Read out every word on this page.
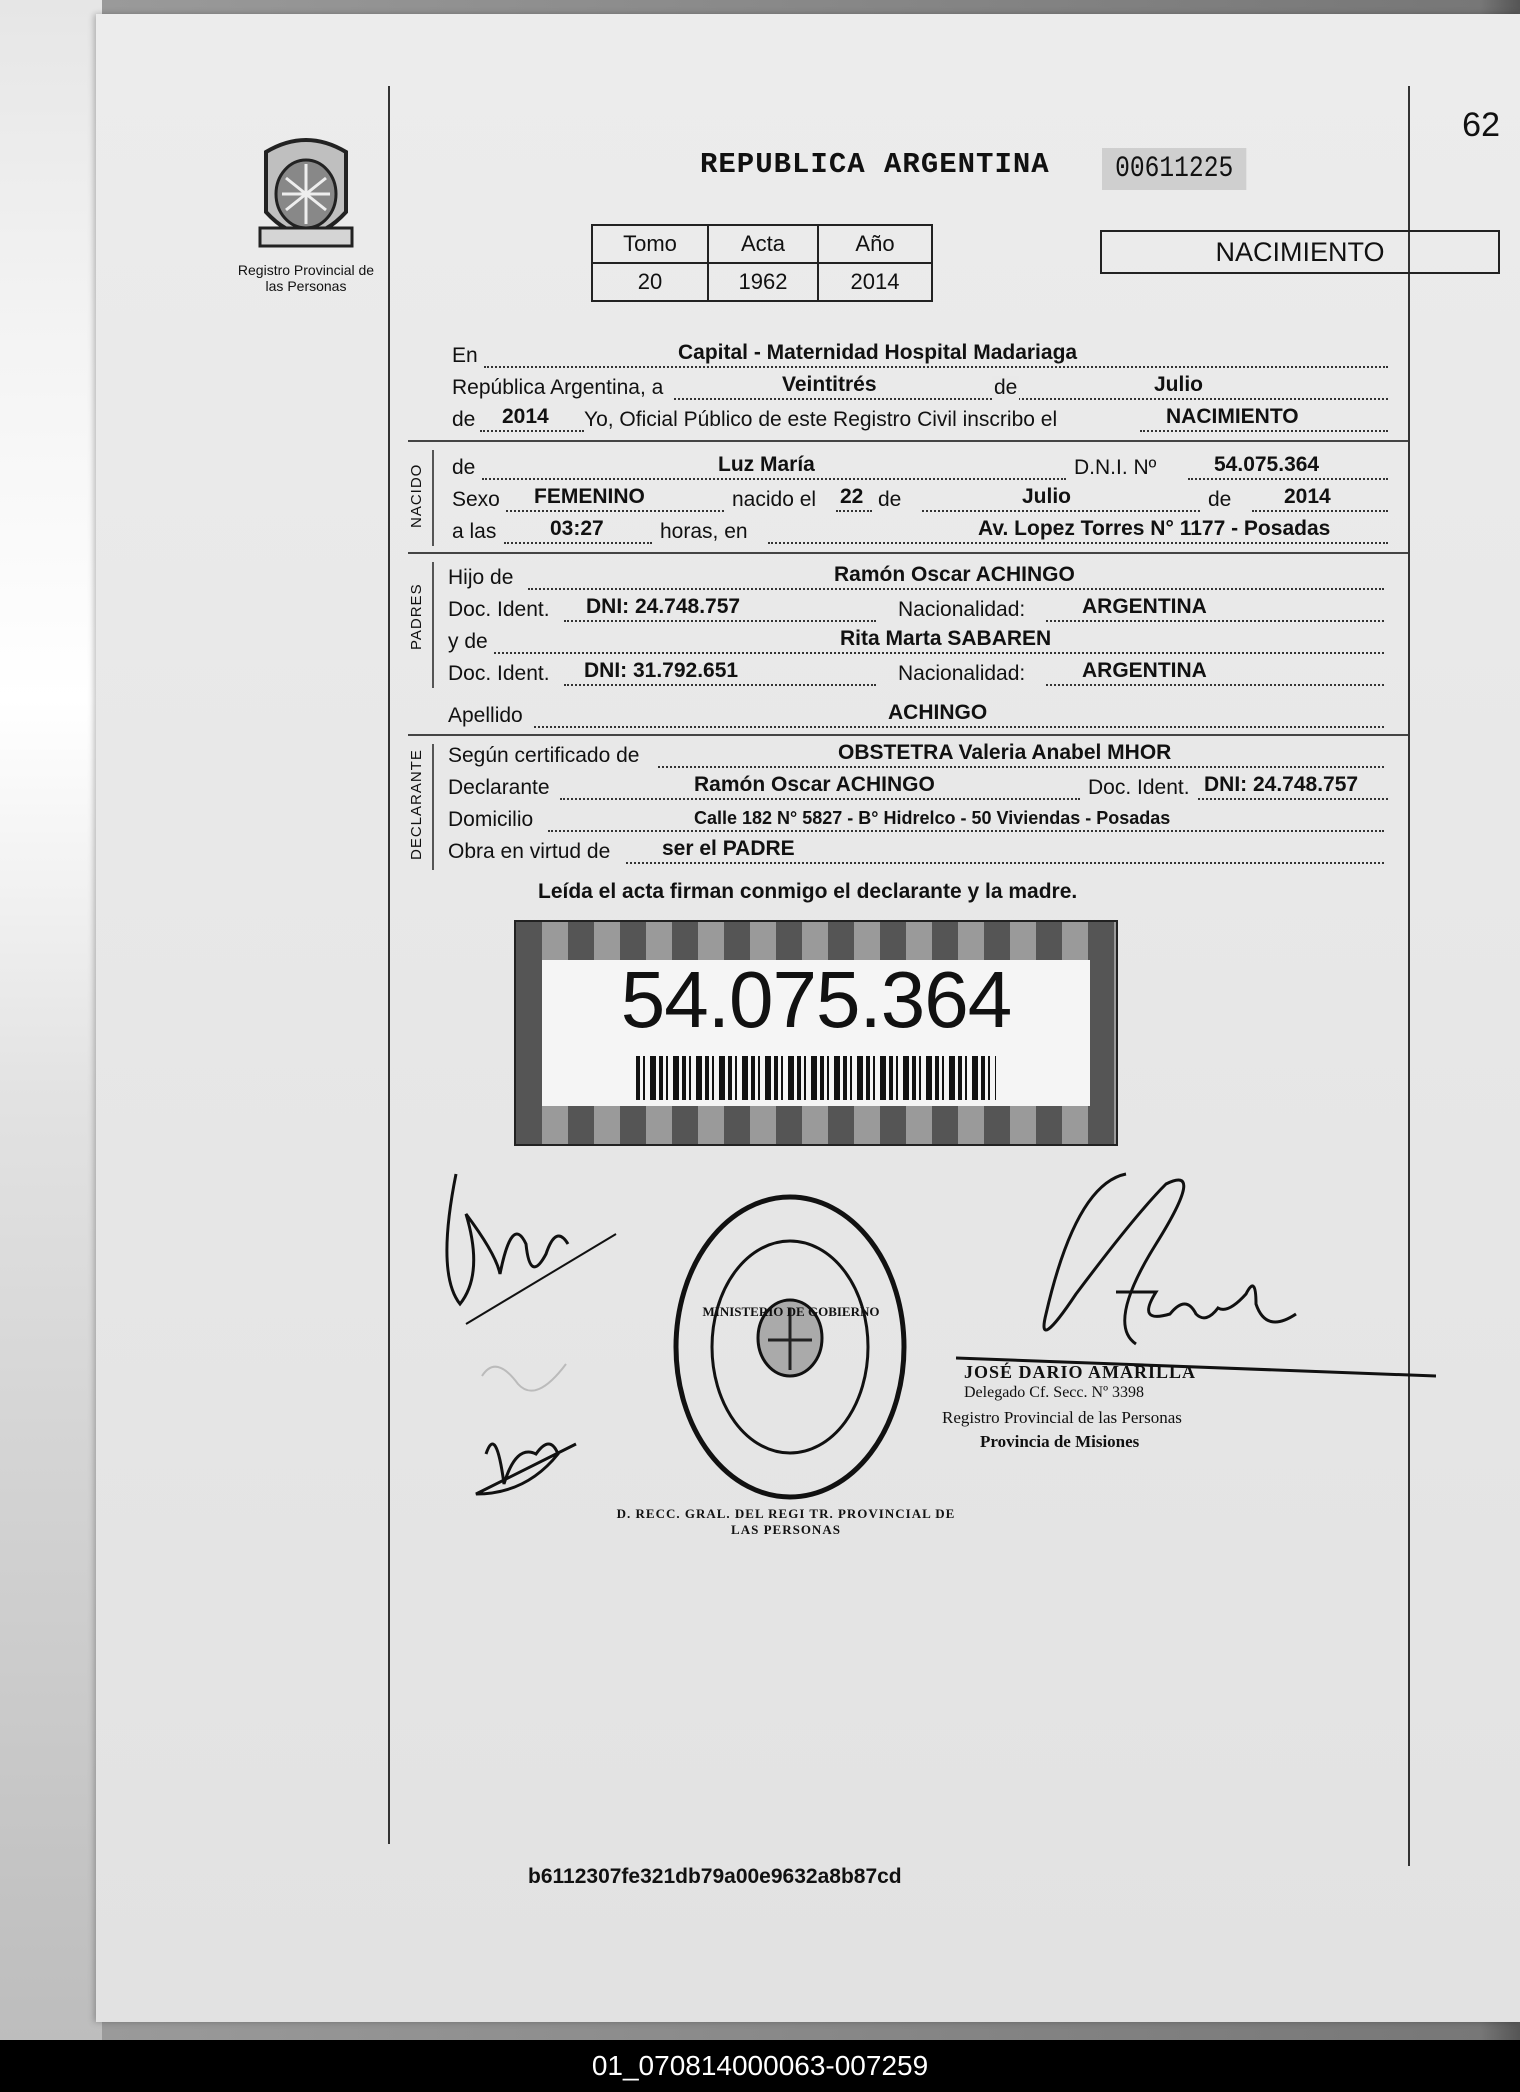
62
Registro Provincial de las Personas
REPUBLICA ARGENTINA	00611225
Tomo	Acta	Año
20	1962	2014
NACIMIENTO
En	Capital - Maternidad Hospital Madariaga
República Argentina, a	Veintitrés	de	Julio
de 2014 Yo, Oficial Público de este Registro Civil inscribo el	NACIMIENTO
NACIDO de	Luz María	D.N.I. Nº	54.075.364
Sexo FEMENINO	nacido el 22 de	Julio	de	2014
a las	03:27	horas, en	Av. Lopez Torres N° 1177 - Posadas
PADRES
Hijo de	Ramón Oscar ACHINGO
Doc. Ident. DNI: 24.748.757	Nacionalidad:	ARGENTINA
y de	Rita Marta SABAREN
Doc. Ident. DNI: 31.792.651	Nacionalidad:	ARGENTINA
Apellido	ACHINGO
DECLARANTE Según certificado de	OBSTETRA Valeria Anabel MHOR
Declarante	Ramón Oscar ACHINGO	Doc. Ident. DNI: 24.748.757
Domicilio	Calle 182 N° 5827 - B° Hidrelco - 50 Viviendas - Posadas
Obra en virtud de ser el PADRE
Leída el acta firman conmigo el declarante y la madre.
54.075.364
D. RECC. GRAL. DEL REGI TR. PROVINCIAL DE LAS PERSONAS
MINISTERIO DE GOBIERNO
JOSÉ DARIO AMARILLA
Delegado Cf. Secc. Nº 3398
Registro Provincial de las Personas
Provincia de Misiones
b6112307fe321db79a00e9632a8b87cd
01_070814000063-007259
